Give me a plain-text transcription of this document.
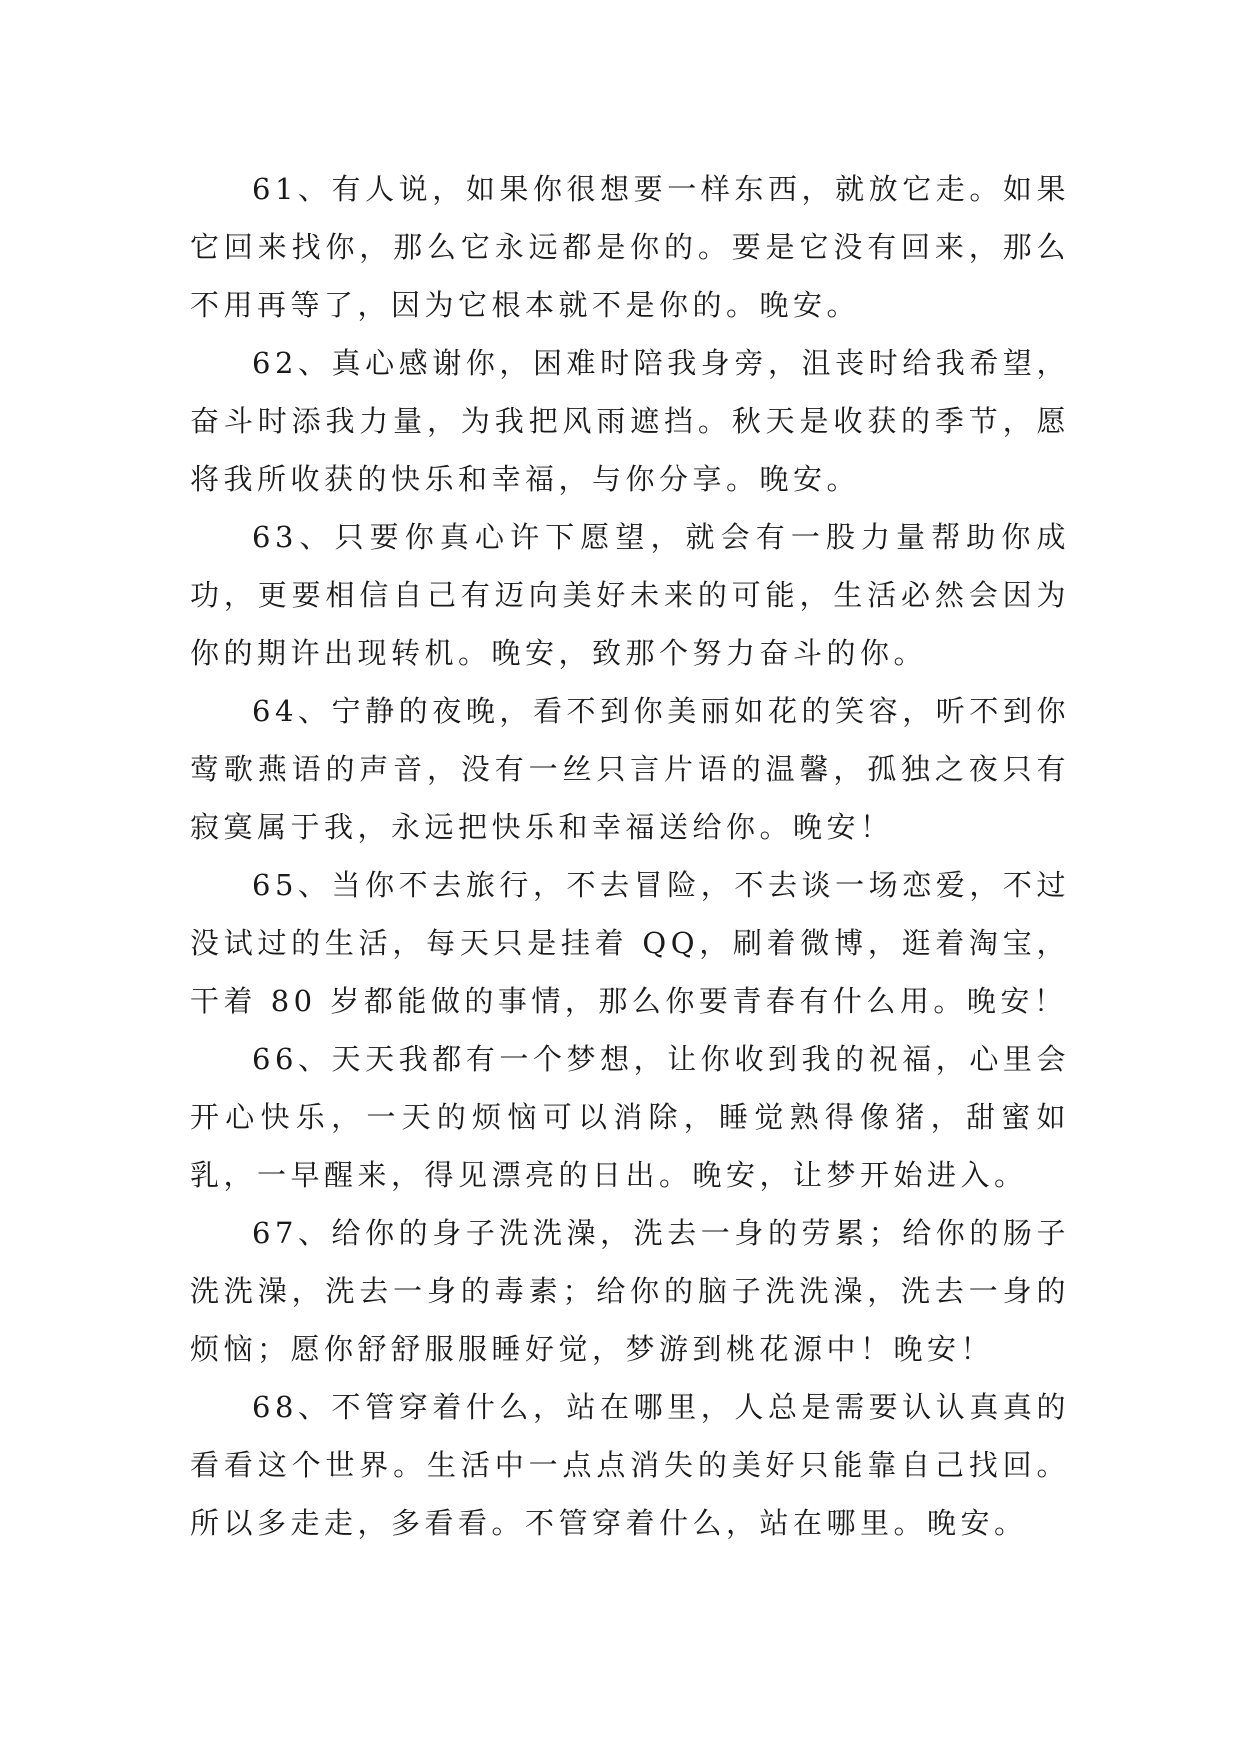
61、有人说，如果你很想要一样东西，就放它走。如果它回来找你，那么它永远都是你的。要是它没有回来，那么不用再等了，因为它根本就不是你的。晚安。

62、真心感谢你，困难时陪我身旁，沮丧时给我希望，奋斗时添我力量，为我把风雨遮挡。秋天是收获的季节，愿将我所收获的快乐和幸福，与你分享。晚安。

63、只要你真心许下愿望，就会有一股力量帮助你成功，更要相信自己有迈向美好未来的可能，生活必然会因为你的期许出现转机。晚安，致那个努力奋斗的你。

64、宁静的夜晚，看不到你美丽如花的笑容，听不到你莺歌燕语的声音，没有一丝只言片语的温馨，孤独之夜只有寂寞属于我，永远把快乐和幸福送给你。晚安！

65、当你不去旅行，不去冒险，不去谈一场恋爱，不过没试过的生活，每天只是挂着 QQ，刷着微博，逛着淘宝，干着 80 岁都能做的事情，那么你要青春有什么用。晚安！

66、天天我都有一个梦想，让你收到我的祝福，心里会开心快乐，一天的烦恼可以消除，睡觉熟得像猪，甜蜜如乳，一早醒来，得见漂亮的日出。晚安，让梦开始进入。

67、给你的身子洗洗澡，洗去一身的劳累；给你的肠子洗洗澡，洗去一身的毒素；给你的脑子洗洗澡，洗去一身的烦恼；愿你舒舒服服睡好觉，梦游到桃花源中！晚安！

68、不管穿着什么，站在哪里，人总是需要认认真真的看看这个世界。生活中一点点消失的美好只能靠自己找回。所以多走走，多看看。不管穿着什么，站在哪里。晚安。
